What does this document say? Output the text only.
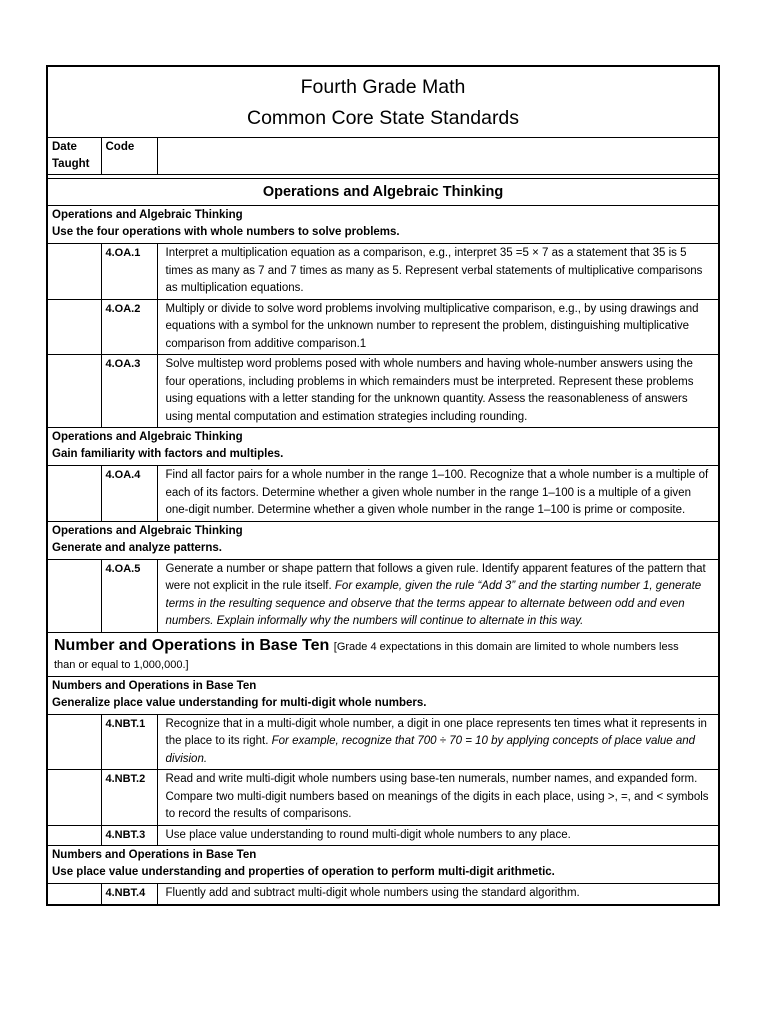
Fourth Grade Math
Common Core State Standards		

Date
Taught	Code	

Operations and Algebraic Thinking		

Operations and Algebraic Thinking
Use the four operations with whole numbers to solve problems.		

	4.OA.1	Interpret a multiplication equation as a comparison, e.g., interpret 35 =5 × 7 as a statement that 35 is 5 times as many as 7 and 7 times as many as 5. Represent verbal statements of multiplicative comparisons as multiplication equations.
	4.OA.2	Multiply or divide to solve word problems involving multiplicative comparison, e.g., by using drawings and equations with a symbol for the unknown number to represent the problem, distinguishing multiplicative comparison from additive comparison.1
	4.OA.3	Solve multistep word problems posed with whole numbers and having whole-number answers using the four operations, including problems in which remainders must be interpreted. Represent these problems using equations with a letter standing for the unknown quantity. Assess the reasonableness of answers using mental computation and estimation strategies including rounding.

Operations and Algebraic Thinking
Gain familiarity with factors and multiples.		

	4.OA.4	Find all factor pairs for a whole number in the range 1–100. Recognize that a whole number is a multiple of each of its factors. Determine whether a given whole number in the range 1–100 is a multiple of a given one-digit number. Determine whether a given whole number in the range 1–100 is prime or composite.

Operations and Algebraic Thinking
Generate and analyze patterns.		

	4.OA.5	Generate a number or shape pattern that follows a given rule. Identify apparent features of the pattern that were not explicit in the rule itself. For example, given the rule “Add 3” and the starting number 1, generate terms in the resulting sequence and observe that the terms appear to alternate between odd and even numbers. Explain informally why the numbers will continue to alternate in this way.
Number and Operations in Base Ten [Grade 4 expectations in this domain are limited to whole numbers less
than or equal to 1,000,000.]		

Numbers and Operations in Base Ten
Generalize place value understanding for multi-digit whole numbers.		

	4.NBT.1	Recognize that in a multi-digit whole number, a digit in one place represents ten times what it represents in the place to its right. For example, recognize that 700 ÷ 70 = 10 by applying concepts of place value and division.
	4.NBT.2	Read and write multi-digit whole numbers using base-ten numerals, number names, and expanded form. Compare two multi-digit numbers based on meanings of the digits in each place, using >, =, and < symbols to record the results of comparisons.
	4.NBT.3	Use place value understanding to round multi-digit whole numbers to any place.

Numbers and Operations in Base Ten
Use place value understanding and properties of operation to perform multi-digit arithmetic.		

	4.NBT.4	Fluently add and subtract multi-digit whole numbers using the standard algorithm.
